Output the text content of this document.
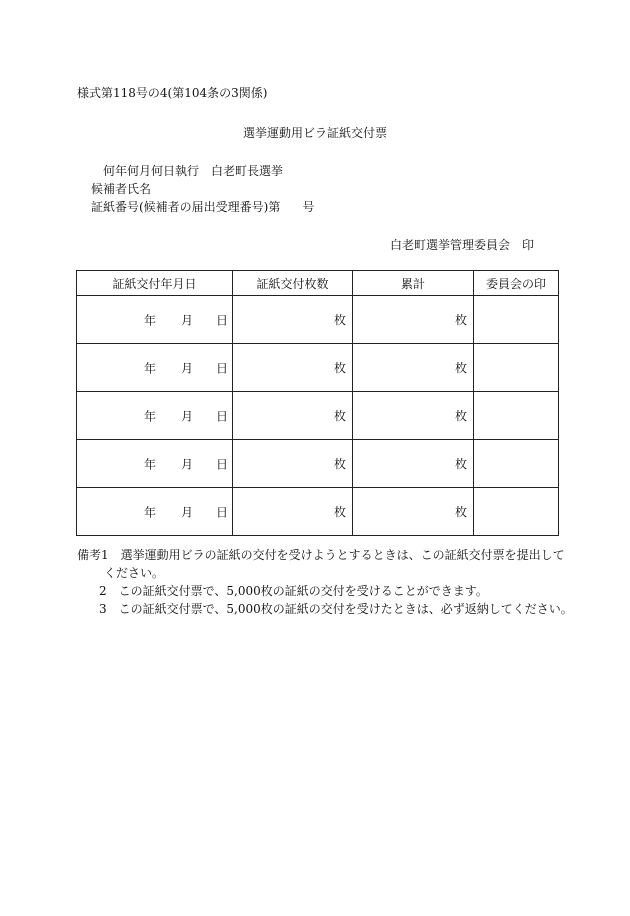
様式第118号の4(第104条の3関係)
選挙運動用ビラ証紙交付票
何年何月何日執行　白老町長選挙
候補者氏名
証紙番号(候補者の届出受理番号)第 号
白老町選挙管理委員会　印
証紙交付年月日	証紙交付枚数	累計	委員会の印

年 月 日	枚	枚	

年 月 日	枚	枚	

年 月 日	枚	枚	

年 月 日	枚	枚	

年 月 日	枚	枚	
備考1　選挙運動用ビラの証紙の交付を受けようとするときは、この証紙交付票を提出して
ください。
2　この証紙交付票で、5,000枚の証紙の交付を受けることができます。
3　この証紙交付票で、5,000枚の証紙の交付を受けたときは、必ず返納してください。
